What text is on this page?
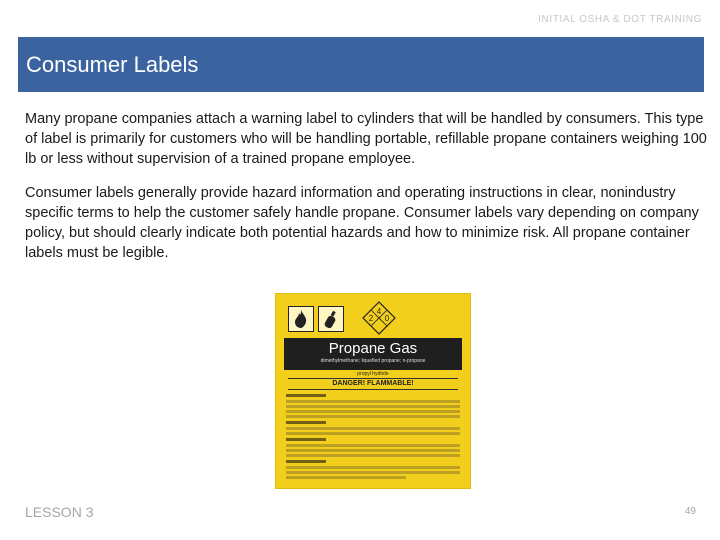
INITIAL OSHA & DOT TRAINING
Consumer Labels

Many propane companies attach a warning label to cylinders that will be handled by consumers. This type of label is primarily for customers who will be handling portable, refillable propane containers weighing 100 lb or less without supervision of a trained propane employee.

Consumer labels generally provide hazard information and operating instructions in clear, nonindustry specific terms to help the customer safely handle propane. Consumer labels vary depending on company policy, but should clearly indicate both potential hazards and how to minimize risk. All propane container labels must be legible.

4
2 0
Propane Gas
dimethylmethane; liquefied propane; n-propane
propyl hydride
DANGER! FLAMMABLE!
LESSON 3	49
